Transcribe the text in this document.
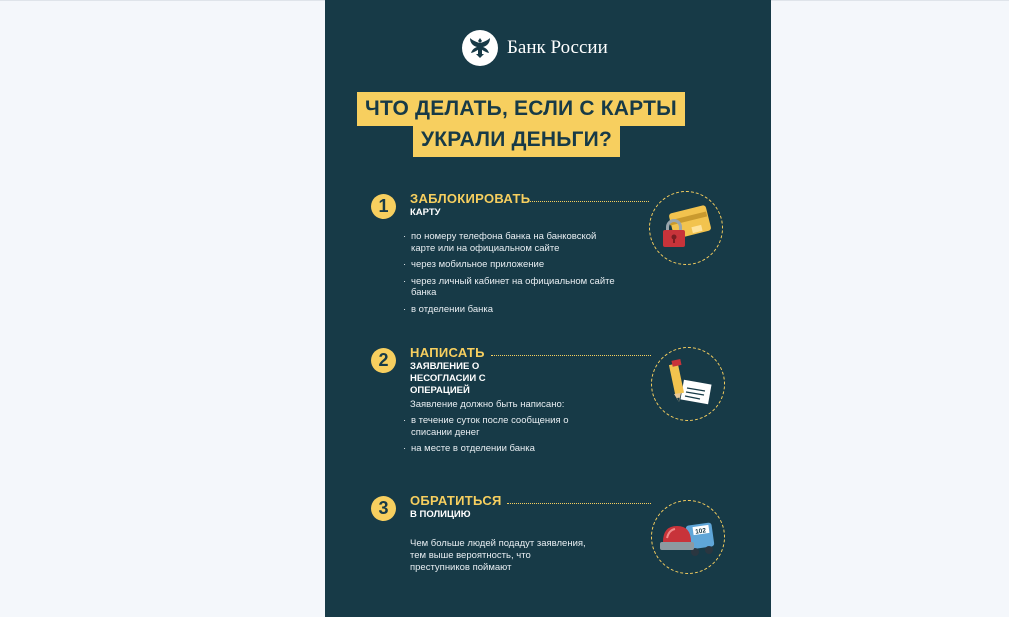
Банк России
ЧТО ДЕЛАТЬ, ЕСЛИ С КАРТЫ
УКРАЛИ ДЕНЬГИ?
1	ЗАБЛОКИРОВАТЬ
КАРТУ
· по номеру телефона банка на банковской карте или на официальном сайте
· через мобильное приложение
· через личный кабинет на официальном сайте банка
· в отделении банка
2	НАПИСАТЬ
ЗАЯВЛЕНИЕ О НЕСОГЛАСИИ С ОПЕРАЦИЕЙ
Заявление должно быть написано:
· в течение суток после сообщения о списании денег
· на месте в отделении банка
3	ОБРАТИТЬСЯ
В ПОЛИЦИЮ
Чем больше людей подадут заявления, тем выше вероятность, что преступников поймают
102
